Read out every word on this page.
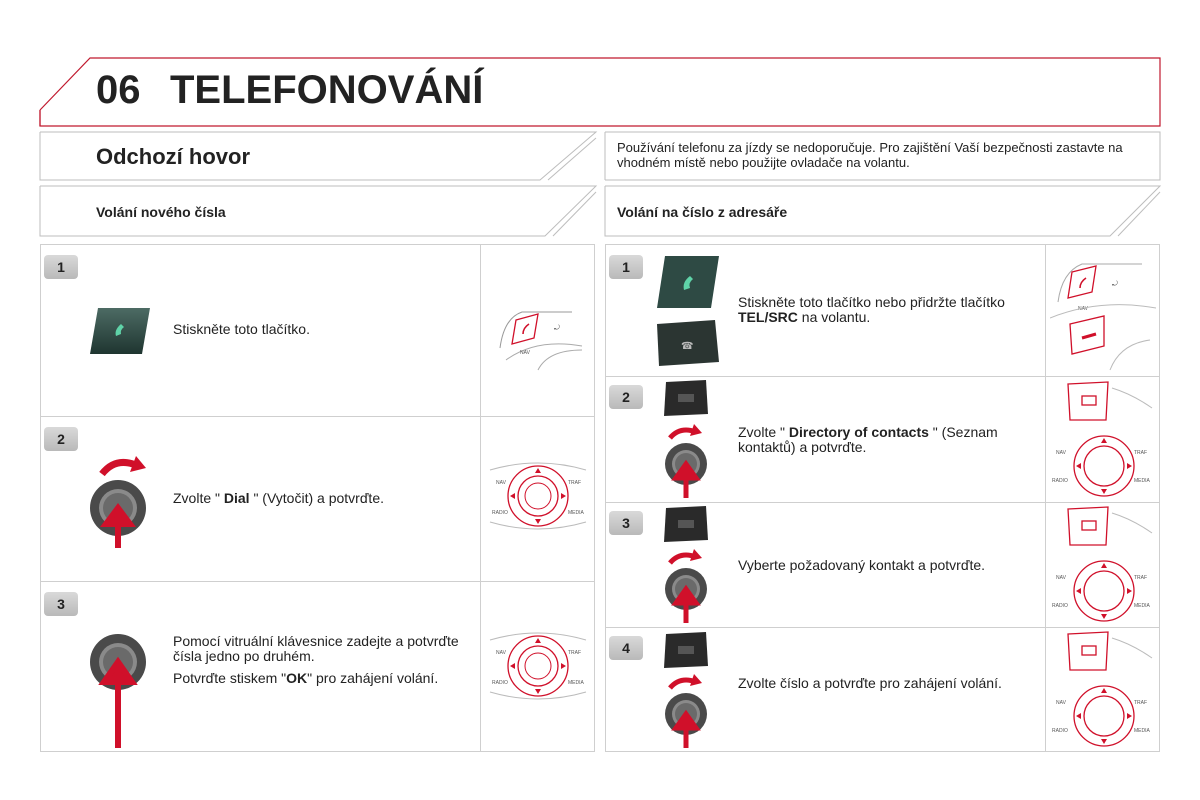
06 TELEFONOVÁNÍ
Odchozí hovor	Používání telefonu za jízdy se nedoporučuje. Pro zajištění Vaší bezpečnosti zastavte na vhodném místě nebo použijte ovladače na volantu.
Volání nového čísla	Volání na číslo z adresáře
1
Stiskněte toto tlačítko.
NAV
⤾
2
Zvolte " Dial " (Vytočit) a potvrďte.
3
Pomocí vitruální klávesnice zadejte a potvrďte čísla jedno po druhém.
Potvrďte stiskem "OK" pro zahájení volání.
1
☎
Stiskněte toto tlačítko nebo přidržte tlačítko TEL/SRC na volantu.	NAV
⤾
2
Zvolte " Directory of contacts " (Seznam kontaktů) a potvrďte.
3
Vyberte požadovaný kontakt a potvrďte.
4
Zvolte číslo a potvrďte pro zahájení volání.
NAV	TRAF
RADIO	MEDIA
NAV	TRAF
RADIO	MEDIA
NAV	TRAF
RADIO	MEDIA
NAV	TRAF
RADIO	MEDIA
NAV	TRAF
RADIO	MEDIA
